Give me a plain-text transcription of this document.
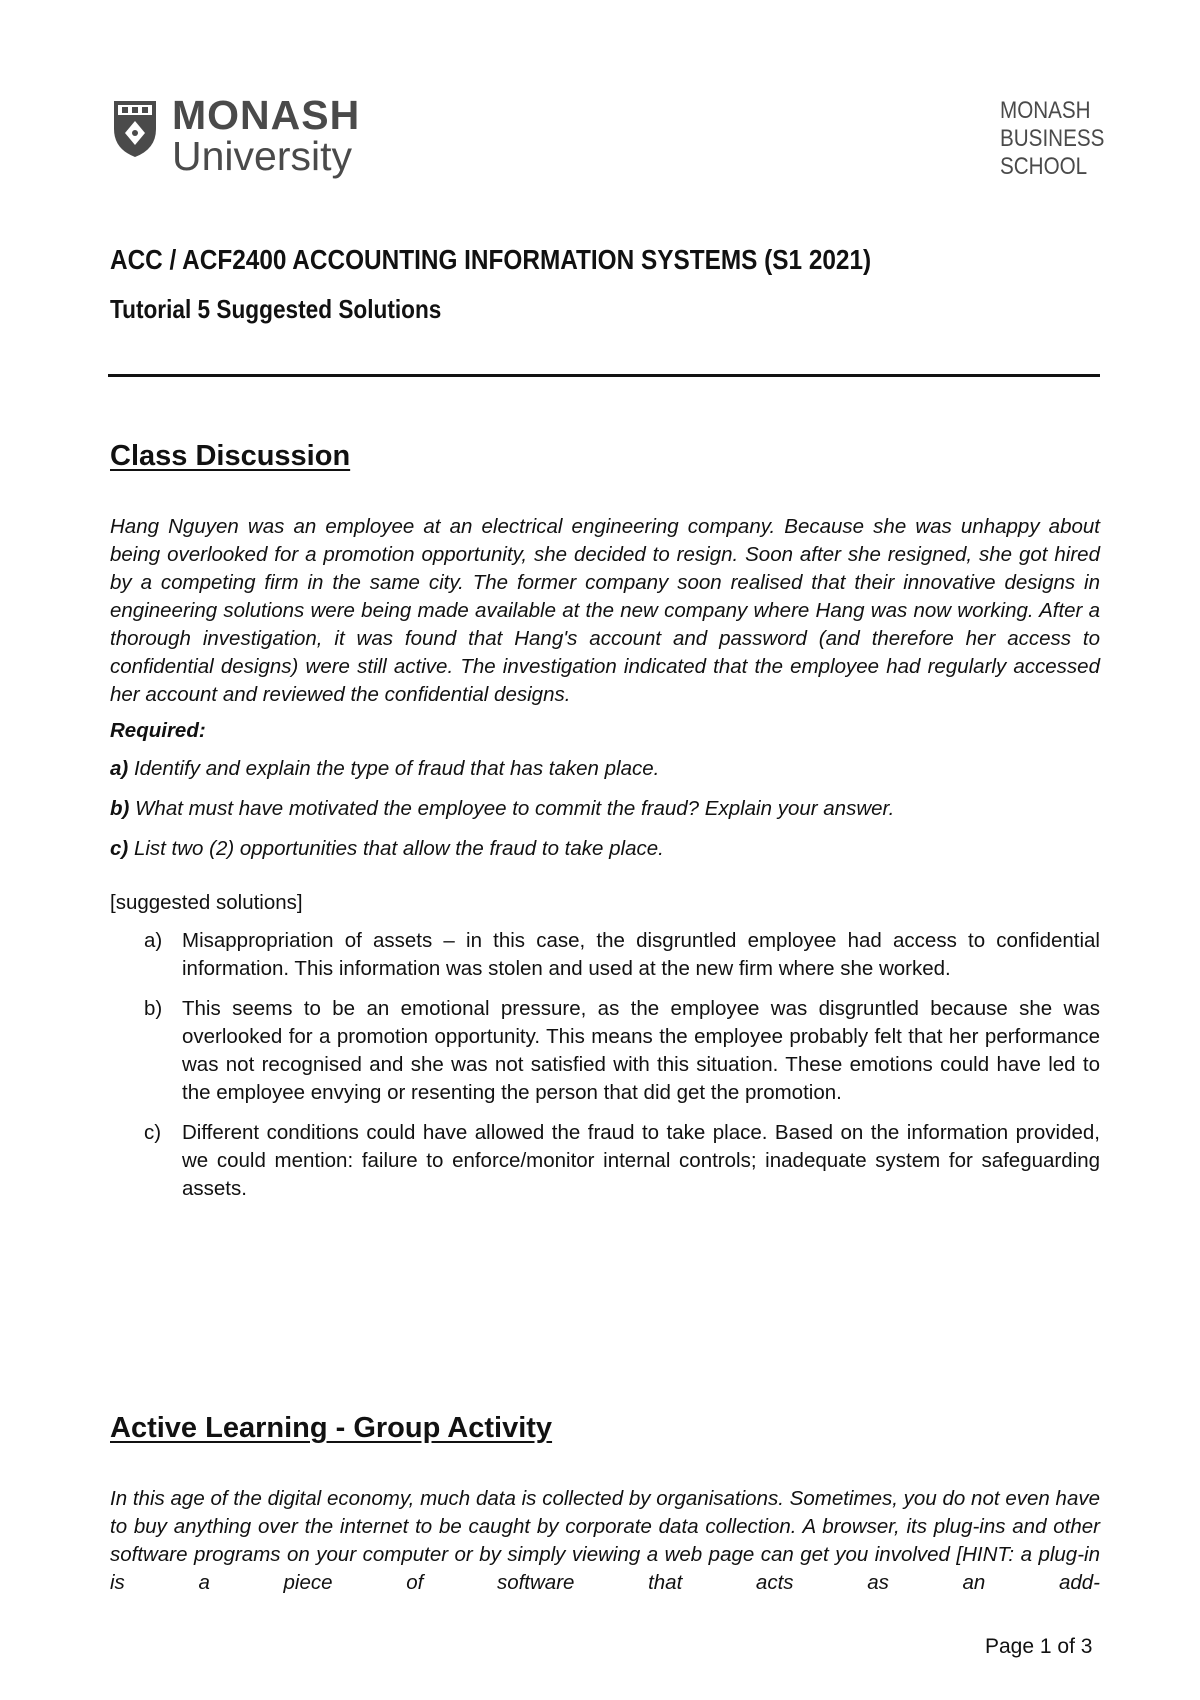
MONASH
University
MONASH
BUSINESS
SCHOOL
ACC / ACF2400 ACCOUNTING INFORMATION SYSTEMS (S1 2021)
Tutorial 5 Suggested Solutions
Class Discussion

Hang Nguyen was an employee at an electrical engineering company. Because she was unhappy about being overlooked for a promotion opportunity, she decided to resign. Soon after she resigned, she got hired by a competing firm in the same city. The former company soon realised that their innovative designs in engineering solutions were being made available at the new company where Hang was now working. After a thorough investigation, it was found that Hang's account and password (and therefore her access to confidential designs) were still active. The investigation indicated that the employee had regularly accessed her account and reviewed the confidential designs.

Required:

a) Identify and explain the type of fraud that has taken place.

b) What must have motivated the employee to commit the fraud? Explain your answer.

c) List two (2) opportunities that allow the fraud to take place.

[suggested solutions]

a) Misappropriation of assets – in this case, the disgruntled employee had access to confidential information. This information was stolen and used at the new firm where she worked.
b) This seems to be an emotional pressure, as the employee was disgruntled because she was overlooked for a promotion opportunity. This means the employee probably felt that her performance was not recognised and she was not satisfied with this situation. These emotions could have led to the employee envying or resenting the person that did get the promotion.
c) Different conditions could have allowed the fraud to take place. Based on the information provided, we could mention: failure to enforce/monitor internal controls; inadequate system for safeguarding assets.
Active Learning - Group Activity

In this age of the digital economy, much data is collected by organisations. Sometimes, you do not even have to buy anything over the internet to be caught by corporate data collection. A browser, its plug-ins and other software programs on your computer or by simply viewing a web page can get you involved [HINT: a plug-in is a piece of software that acts as an add-

Page 1 of 3
